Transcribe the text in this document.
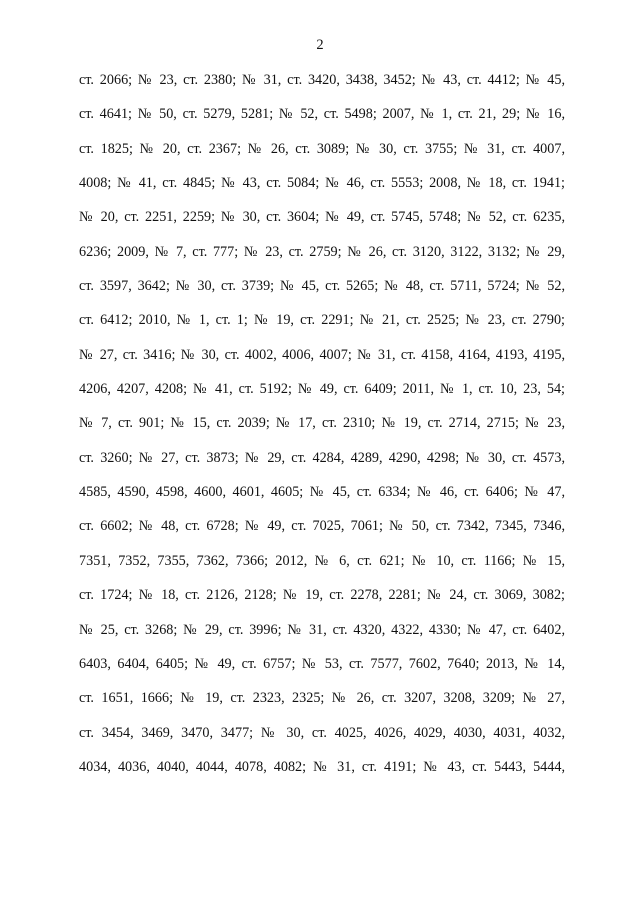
2
ст. 2066; № 23, ст. 2380; № 31, ст. 3420, 3438, 3452; № 43, ст. 4412; № 45,
ст. 4641; № 50, ст. 5279, 5281; № 52, ст. 5498; 2007, № 1, ст. 21, 29; № 16,
ст. 1825; № 20, ст. 2367; № 26, ст. 3089; № 30, ст. 3755; № 31, ст. 4007,
4008; № 41, ст. 4845; № 43, ст. 5084; № 46, ст. 5553; 2008, № 18, ст. 1941;
№ 20, ст. 2251, 2259; № 30, ст. 3604; № 49, ст. 5745, 5748; № 52, ст. 6235,
6236; 2009, № 7, ст. 777; № 23, ст. 2759; № 26, ст. 3120, 3122, 3132; № 29,
ст. 3597, 3642; № 30, ст. 3739; № 45, ст. 5265; № 48, ст. 5711, 5724; № 52,
ст. 6412; 2010, № 1, ст. 1; № 19, ст. 2291; № 21, ст. 2525; № 23, ст. 2790;
№ 27, ст. 3416; № 30, ст. 4002, 4006, 4007; № 31, ст. 4158, 4164, 4193, 4195,
4206, 4207, 4208; № 41, ст. 5192; № 49, ст. 6409; 2011, № 1, ст. 10, 23, 54;
№ 7, ст. 901; № 15, ст. 2039; № 17, ст. 2310; № 19, ст. 2714, 2715; № 23,
ст. 3260; № 27, ст. 3873; № 29, ст. 4284, 4289, 4290, 4298; № 30, ст. 4573,
4585, 4590, 4598, 4600, 4601, 4605; № 45, ст. 6334; № 46, ст. 6406; № 47,
ст. 6602; № 48, ст. 6728; № 49, ст. 7025, 7061; № 50, ст. 7342, 7345, 7346,
7351, 7352, 7355, 7362, 7366; 2012, № 6, ст. 621; № 10, ст. 1166; № 15,
ст. 1724; № 18, ст. 2126, 2128; № 19, ст. 2278, 2281; № 24, ст. 3069, 3082;
№ 25, ст. 3268; № 29, ст. 3996; № 31, ст. 4320, 4322, 4330; № 47, ст. 6402,
6403, 6404, 6405; № 49, ст. 6757; № 53, ст. 7577, 7602, 7640; 2013, № 14,
ст. 1651, 1666; № 19, ст. 2323, 2325; № 26, ст. 3207, 3208, 3209; № 27,
ст. 3454, 3469, 3470, 3477; № 30, ст. 4025, 4026, 4029, 4030, 4031, 4032,
4034, 4036, 4040, 4044, 4078, 4082; № 31, ст. 4191; № 43, ст. 5443, 5444,
